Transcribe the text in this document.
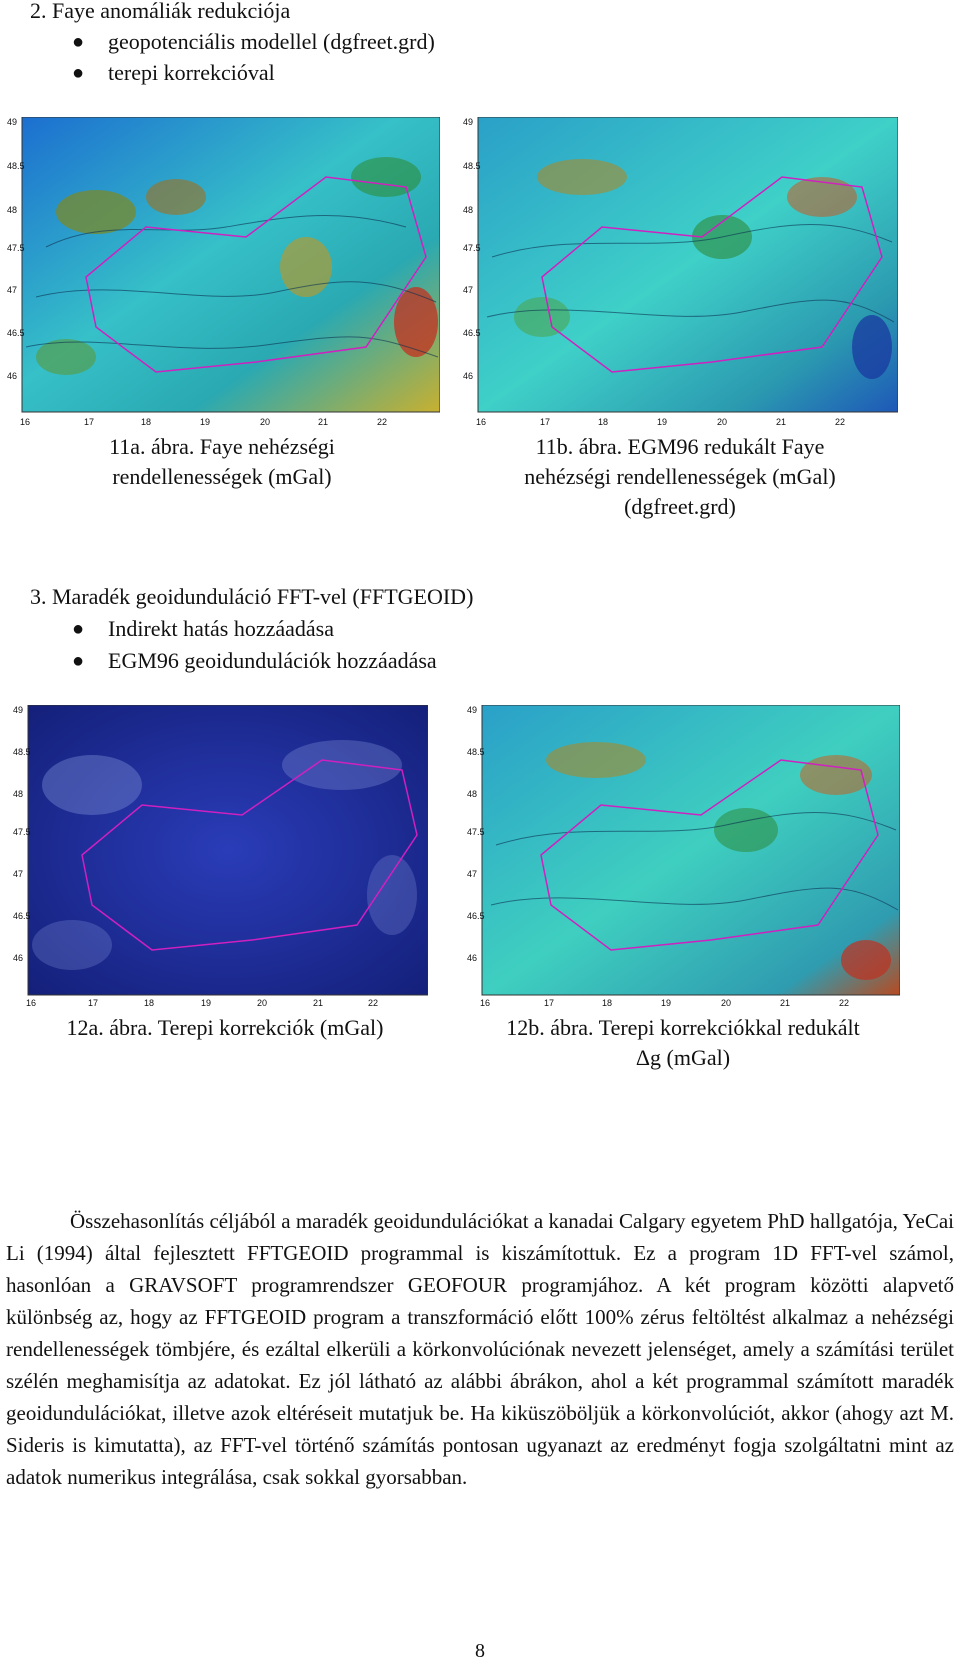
2. Faye anomáliák redukciója
● geopotenciális modellel (dgfreet.grd)
● terepi korrekcióval
49
48.5
48
47.5
47
46.5
46
16	17	18	19	20	21	22
49
48.5
48
47.5
47
46.5
46
16	17	18	19	20	21	22
11a. ábra. Faye nehézségi
rendellenességek (mGal)
11b. ábra. EGM96 redukált Faye
nehézségi rendellenességek (mGal)
(dgfreet.grd)
3. Maradék geoidunduláció FFT-vel (FFTGEOID)
● Indirekt hatás hozzáadása
● EGM96 geoidundulációk hozzáadása
49
48.5
48
47.5
47
46.5
46
16	17	18	19	20	21	22
49
48.5
48
47.5
47
46.5
46
16	17	18	19	20	21	22
12a. ábra. Terepi korrekciók (mGal)	12b. ábra. Terepi korrekciókkal redukált
Δg (mGal)

Összehasonlítás céljából a maradék geoidundulációkat a kanadai Calgary egyetem PhD hallgatója, YeCai Li (1994) által fejlesztett FFTGEOID programmal is kiszámítottuk. Ez a program 1D FFT-vel számol, hasonlóan a GRAVSOFT programrendszer GEOFOUR programjához. A két program közötti alapvető különbség az, hogy az FFTGEOID program a transzformáció előtt 100% zérus feltöltést alkalmaz a nehézségi rendellenességek tömbjére, és ezáltal elkerüli a körkonvolúciónak nevezett jelenséget, amely a számítási terület szélén meghamisítja az adatokat. Ez jól látható az alábbi ábrákon, ahol a két programmal számított maradék geoidundulációkat, illetve azok eltéréseit mutatjuk be. Ha kiküszöböljük a körkonvolúciót, akkor (ahogy azt M. Sideris is kimutatta), az FFT-vel történő számítás pontosan ugyanazt az eredményt fogja szolgáltatni mint az adatok numerikus integrálása, csak sokkal gyorsabban.

8
